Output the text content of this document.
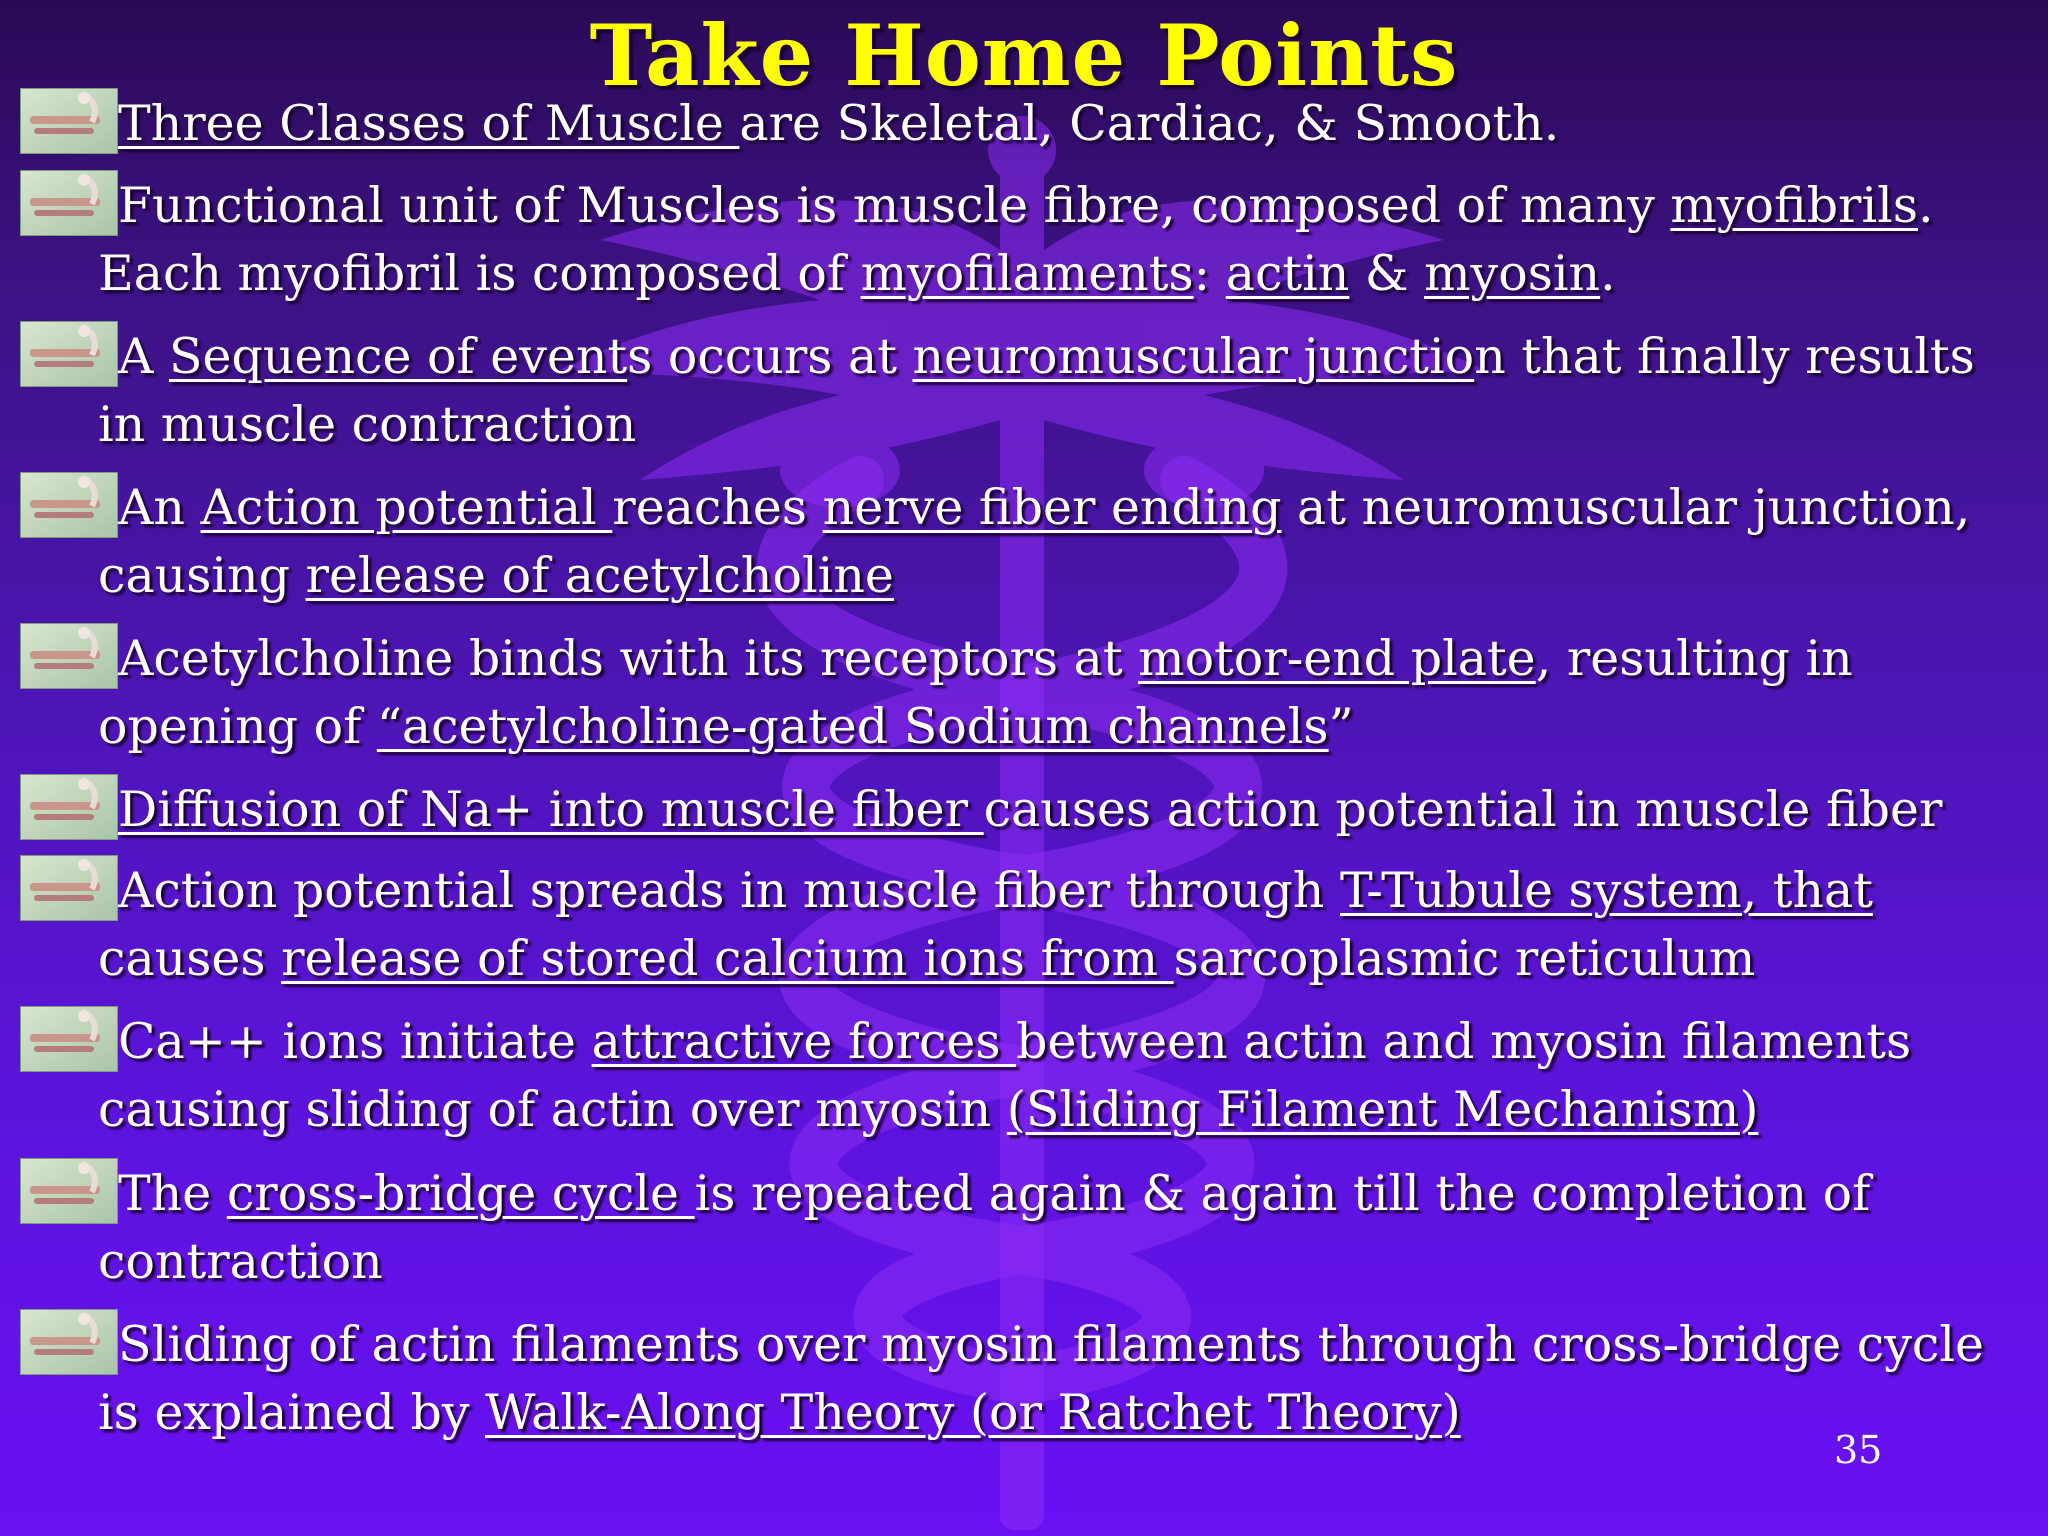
Take Home Points
Three Classes of Muscle are Skeletal, Cardiac, & Smooth.
Functional unit of Muscles is muscle fibre, composed of many myofibrils.
Each myofibril is composed of myofilaments: actin & myosin.
A Sequence of events occurs at neuromuscular junction that finally results
in muscle contraction
An Action potential reaches nerve fiber ending at neuromuscular junction,
causing release of acetylcholine
Acetylcholine binds with its receptors at motor-end plate, resulting in
opening of “acetylcholine-gated Sodium channels”
Diffusion of Na+ into muscle fiber causes action potential in muscle fiber
Action potential spreads in muscle fiber through T-Tubule system, that
causes release of stored calcium ions from sarcoplasmic reticulum
Ca++ ions initiate attractive forces between actin and myosin filaments
causing sliding of actin over myosin (Sliding Filament Mechanism)
The cross-bridge cycle is repeated again & again till the completion of
contraction
Sliding of actin filaments over myosin filaments through cross-bridge cycle
is explained by Walk-Along Theory (or Ratchet Theory)
35
